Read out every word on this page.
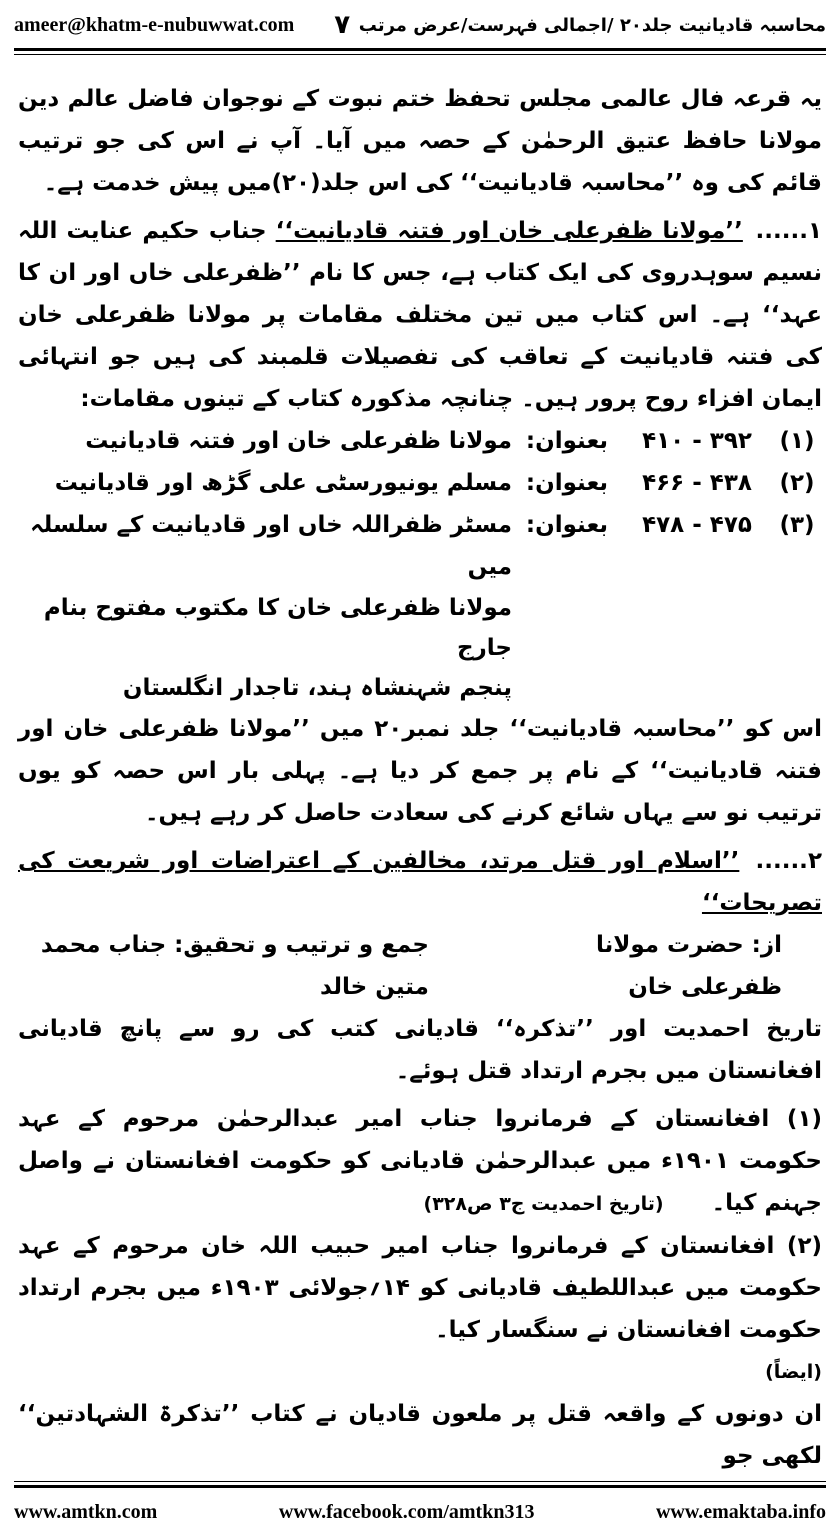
ameer@khatm-e-nubuwwat.com ۷ محاسبہ قادیانیت جلد۲۰ /اجمالی فہرست/عرض مرتب

یہ قرعہ فال عالمی مجلس تحفظ ختم نبوت کے نوجوان فاضل عالم دین مولانا حافظ عتیق الرحمٰن کے حصہ میں آیا۔ آپ نے اس کی جو ترتیب قائم کی وہ ’’محاسبہ قادیانیت‘‘ کی اس جلد(۲۰)میں پیش خدمت ہے۔

۱...... ’’مولانا ظفرعلی خان اور فتنہ قادیانیت‘‘ جناب حکیم عنایت اللہ نسیم سوہدروی کی ایک کتاب ہے، جس کا نام ’’ظفرعلی خاں اور ان کا عہد‘‘ ہے۔ اس کتاب میں تین مختلف مقامات پر مولانا ظفرعلی خان کی فتنہ قادیانیت کے تعاقب کی تفصیلات قلمبند کی ہیں جو انتہائی ایمان افزاء روح پرور ہیں۔ چنانچہ مذکورہ کتاب کے تینوں مقامات:

(۱)
۳۹۲ - ۴۱۰
بعنوان:
مولانا ظفرعلی خان اور فتنہ قادیانیت
(۲)
۴۳۸ - ۴۶۶
بعنوان:
مسلم یونیورسٹی علی گڑھ اور قادیانیت
(۳)
۴۷۵ - ۴۷۸
بعنوان:
مسٹر ظفراللہ خاں اور قادیانیت کے سلسلہ میں
مولانا ظفرعلی خان کا مکتوب مفتوح بنام جارج
پنجم شہنشاہ ہند، تاجدار انگلستان

اس کو ’’محاسبہ قادیانیت‘‘ جلد نمبر۲۰ میں ’’مولانا ظفرعلی خان اور فتنہ قادیانیت‘‘ کے نام پر جمع کر دیا ہے۔ پہلی بار اس حصہ کو یوں ترتیب نو سے یہاں شائع کرنے کی سعادت حاصل کر رہے ہیں۔

۲...... ’’اسلام اور قتل مرتد، مخالفین کے اعتراضات اور شریعت کی تصریحات‘‘

از: حضرت مولانا ظفرعلی خان
جمع و ترتیب و تحقیق: جناب محمد متین خالد

تاریخ احمدیت اور ’’تذکرہ‘‘ قادیانی کتب کی رو سے پانچ قادیانی افغانستان میں بجرم ارتداد قتل ہوئے۔

(۱) افغانستان کے فرمانروا جناب امیر عبدالرحمٰن مرحوم کے عہد حکومت ۱۹۰۱ء میں عبدالرحمٰن قادیانی کو حکومت افغانستان نے واصل جہنم کیا۔ (تاریخ احمدیت ج۳ ص۳۲۸)

(۲) افغانستان کے فرمانروا جناب امیر حبیب اللہ خان مرحوم کے عہد حکومت میں عبداللطیف قادیانی کو ۱۴؍جولائی ۱۹۰۳ء میں بجرم ارتداد حکومت افغانستان نے سنگسار کیا۔

(ایضاً)

ان دونوں کے واقعہ قتل پر ملعون قادیان نے کتاب ’’تذکرۃ الشہادتین‘‘ لکھی جو

www.amtkn.com	www.facebook.com/amtkn313	www.emaktaba.info
